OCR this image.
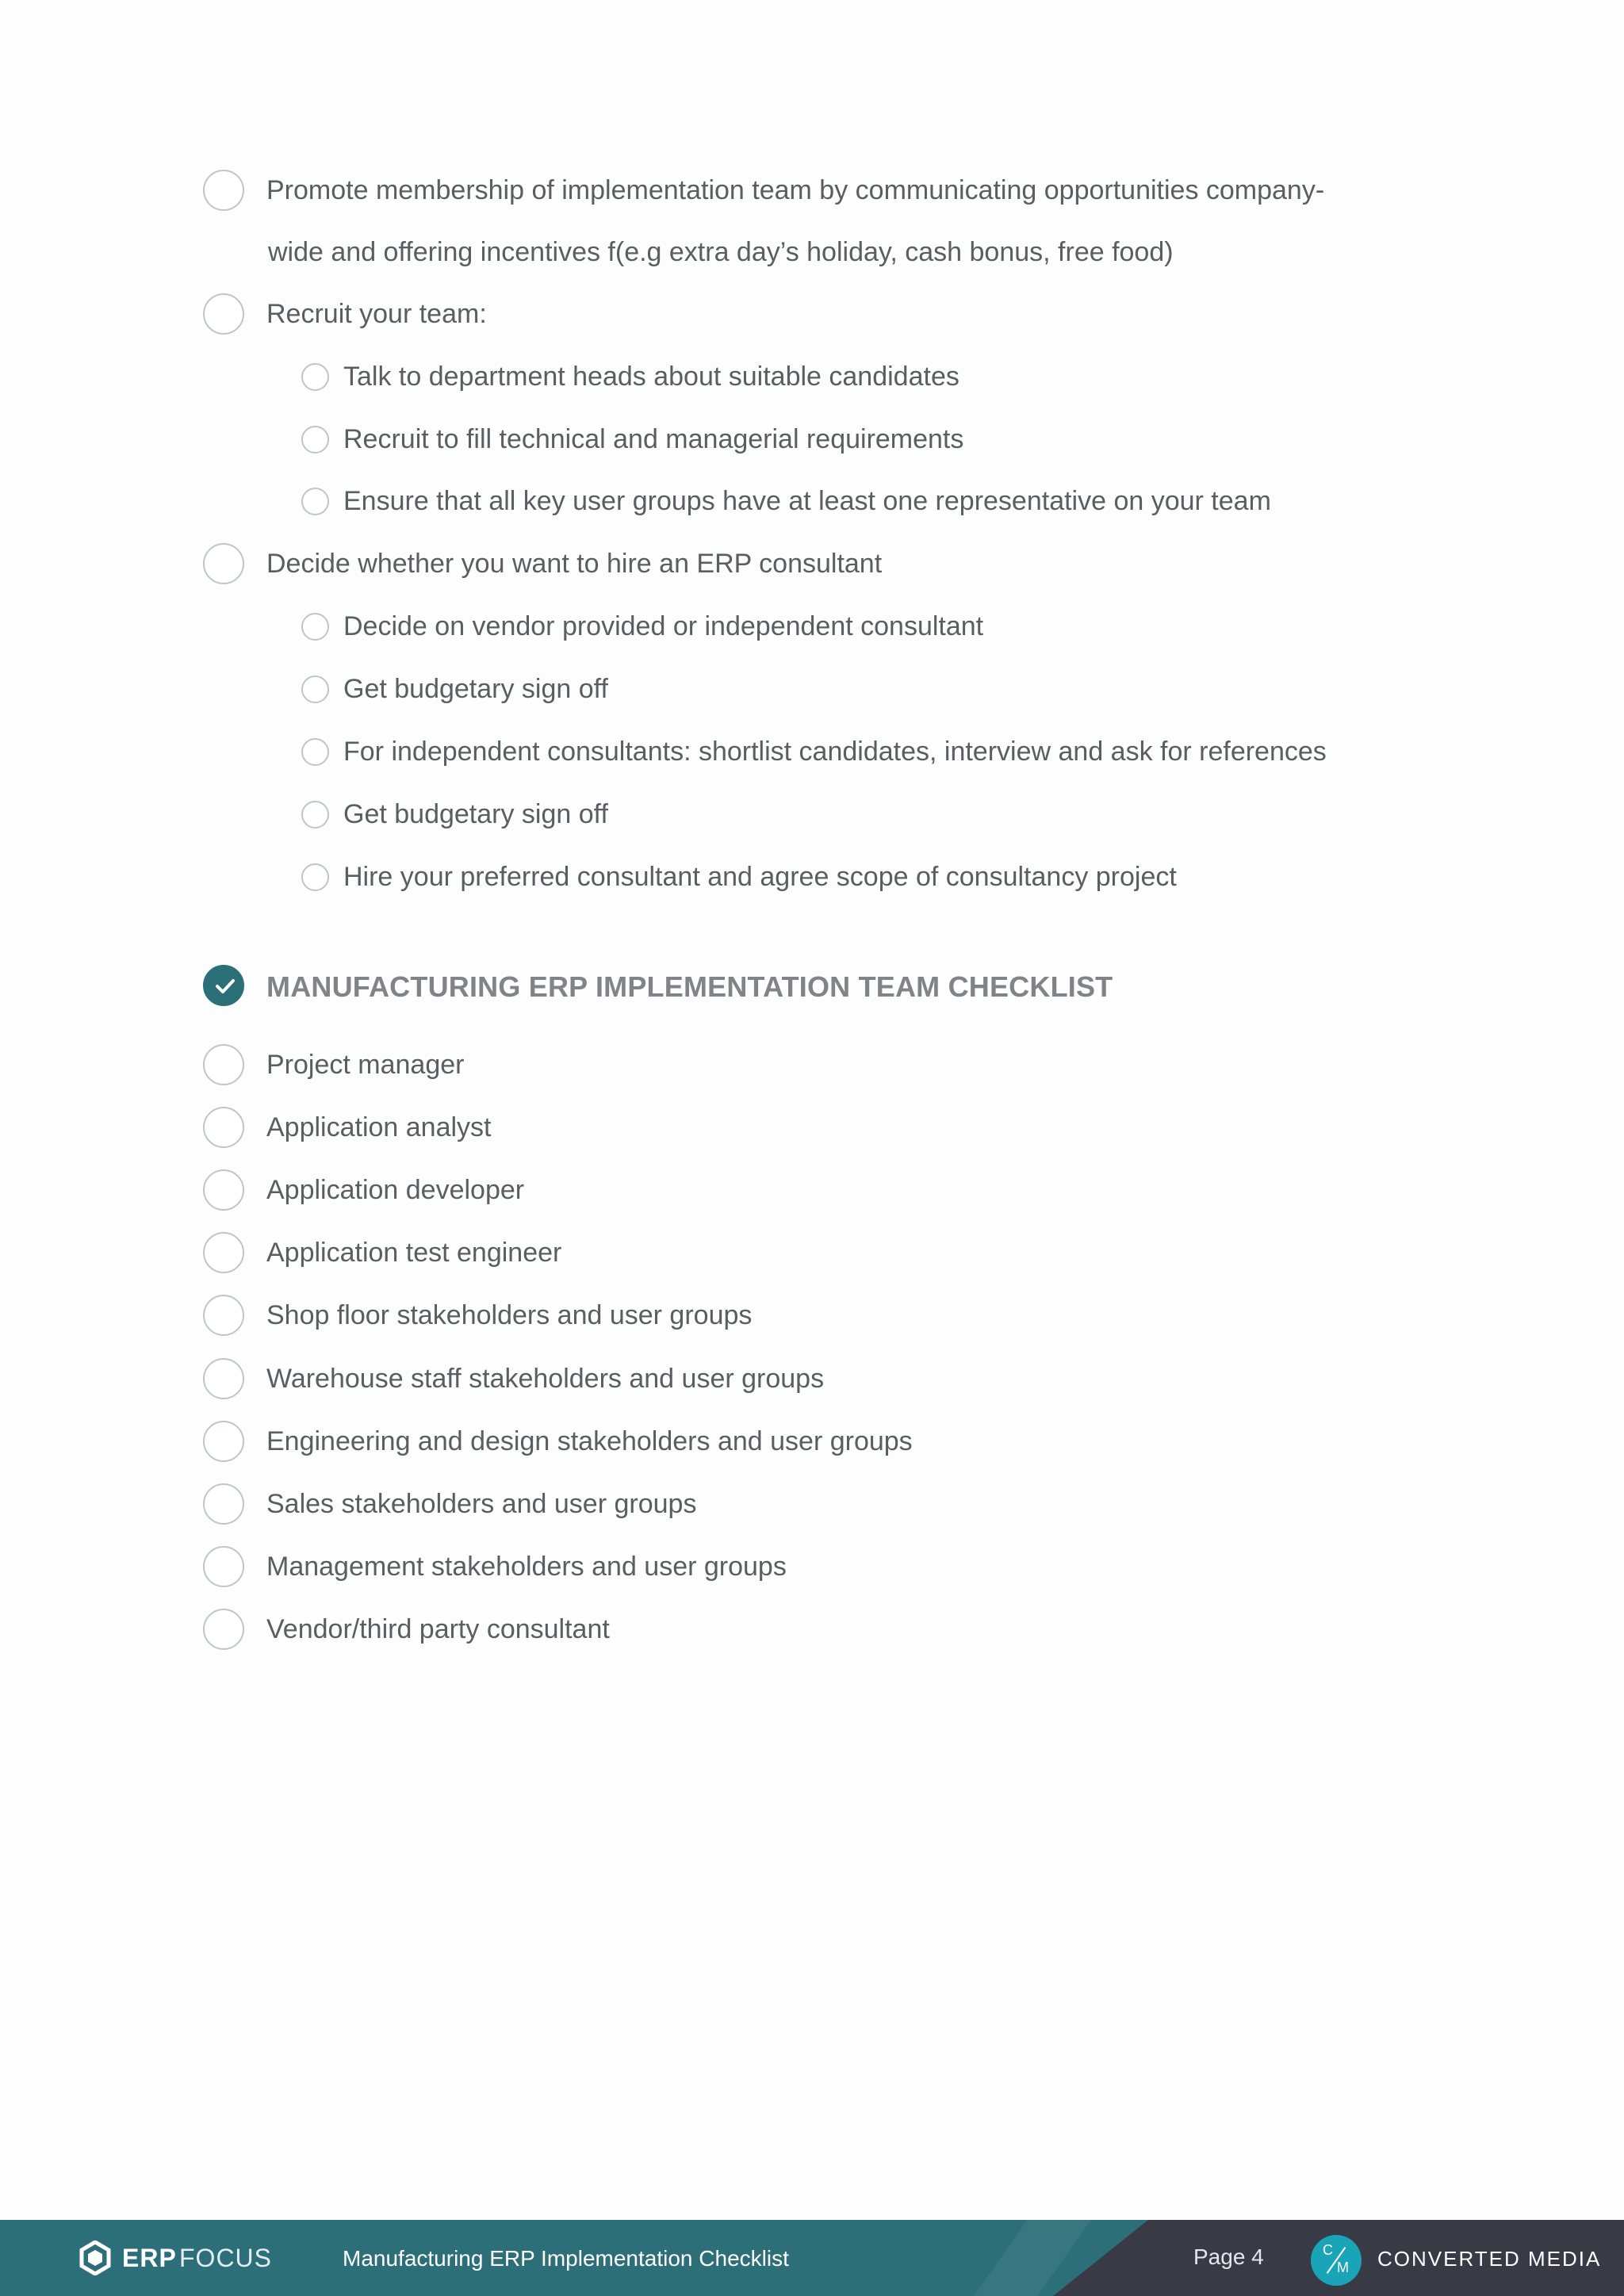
Promote membership of implementation team by communicating opportunities company-
wide and offering incentives f(e.g extra day’s holiday, cash bonus, free food)
Recruit your team:
Talk to department heads about suitable candidates
Recruit to fill technical and managerial requirements
Ensure that all key user groups have at least one representative on your team
Decide whether you want to hire an ERP consultant
Decide on vendor provided or independent consultant
Get budgetary sign off
For independent consultants: shortlist candidates, interview and ask for references
Get budgetary sign off
Hire your preferred consultant and agree scope of consultancy project
MANUFACTURING ERP IMPLEMENTATION TEAM CHECKLIST
Project manager
Application analyst
Application developer
Application test engineer
Shop floor stakeholders and user groups
Warehouse staff stakeholders and user groups
Engineering and design stakeholders and user groups
Sales stakeholders and user groups
Management stakeholders and user groups
Vendor/third party consultant
ERP FOCUS	Manufacturing ERP Implementation Checklist	Page 4	C
M CONVERTED MEDIA
